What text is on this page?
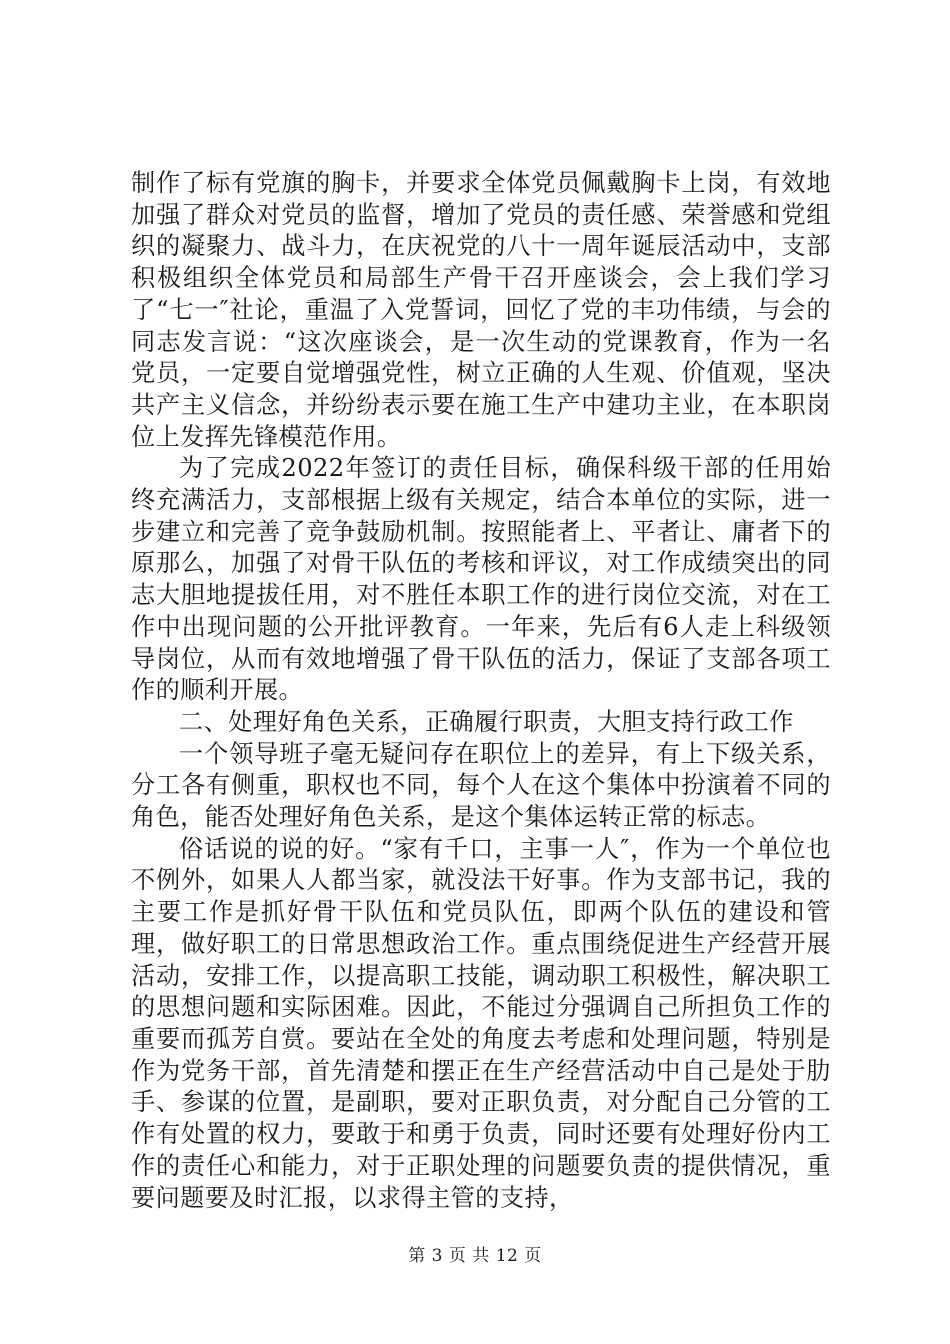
制作了标有党旗的胸卡，并要求全体党员佩戴胸卡上岗，有效地加强了群众对党员的监督，增加了党员的责任感、荣誉感和党组织的凝聚力、战斗力，在庆祝党的八十一周年诞辰活动中，支部积极组织全体党员和局部生产骨干召开座谈会，会上我们学习了“七一″社论，重温了入党誓词，回忆了党的丰功伟绩，与会的同志发言说：“这次座谈会，是一次生动的党课教育，作为一名党员，一定要自觉增强党性，树立正确的人生观、价值观，坚决共产主义信念，并纷纷表示要在施工生产中建功主业，在本职岗位上发挥先锋模范作用。

为了完成2022年签订的责任目标，确保科级干部的任用始终充满活力，支部根据上级有关规定，结合本单位的实际，进一步建立和完善了竞争鼓励机制。按照能者上、平者让、庸者下的原那么，加强了对骨干队伍的考核和评议，对工作成绩突出的同志大胆地提拔任用，对不胜任本职工作的进行岗位交流，对在工作中出现问题的公开批评教育。一年来，先后有6人走上科级领导岗位，从而有效地增强了骨干队伍的活力，保证了支部各项工作的顺利开展。

二、处理好角色关系，正确履行职责，大胆支持行政工作

一个领导班子毫无疑问存在职位上的差异，有上下级关系，分工各有侧重，职权也不同，每个人在这个集体中扮演着不同的角色，能否处理好角色关系，是这个集体运转正常的标志。

俗话说的说的好。“家有千口，主事一人″，作为一个单位也不例外，如果人人都当家，就没法干好事。作为支部书记，我的主要工作是抓好骨干队伍和党员队伍，即两个队伍的建设和管理，做好职工的日常思想政治工作。重点围绕促进生产经营开展活动，安排工作，以提高职工技能，调动职工积极性，解决职工的思想问题和实际困难。因此，不能过分强调自己所担负工作的重要而孤芳自赏。要站在全处的角度去考虑和处理问题，特别是作为党务干部，首先清楚和摆正在生产经营活动中自己是处于肋手、参谋的位置，是副职，要对正职负责，对分配自己分管的工作有处置的权力，要敢于和勇于负责，同时还要有处理好份内工作的责任心和能力，对于正职处理的问题要负责的提供情况，重要问题要及时汇报，以求得主管的支持，

第 3 页 共 12 页
